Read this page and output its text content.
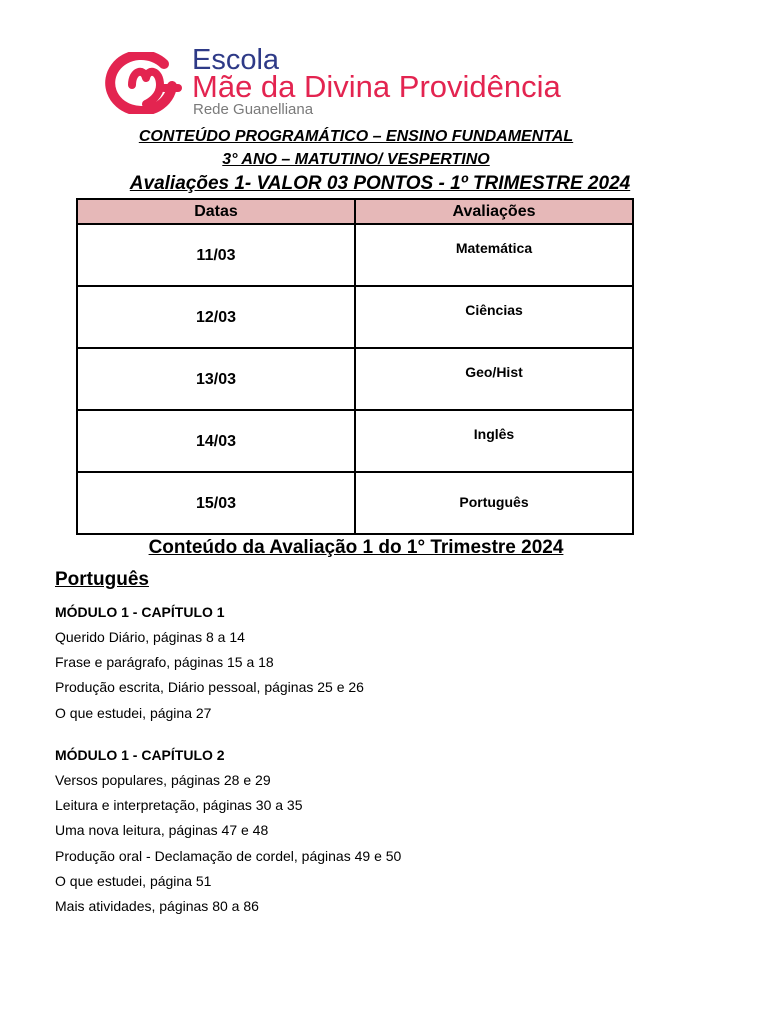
Escola
Mãe da Divina Providência
Rede Guanelliana
CONTEÚDO PROGRAMÁTICO – ENSINO FUNDAMENTAL
3° ANO – MATUTINO/ VESPERTINO
Avaliações 1- VALOR 03 PONTOS - 1º TRIMESTRE 2024
Datas	Avaliações
11/03	Matemática
12/03	Ciências
13/03	Geo/Hist
14/03	Inglês
15/03	Português
Conteúdo da Avaliação 1 do 1° Trimestre 2024
Português
MÓDULO 1 - CAPÍTULO 1
Querido Diário, páginas 8 a 14
Frase e parágrafo, páginas 15 a 18
Produção escrita, Diário pessoal, páginas 25 e 26
O que estudei, página 27
MÓDULO 1 - CAPÍTULO 2
Versos populares, páginas 28 e 29
Leitura e interpretação, páginas 30 a 35
Uma nova leitura, páginas 47 e 48
Produção oral - Declamação de cordel, páginas 49 e 50
O que estudei, página 51
Mais atividades, páginas 80 a 86
